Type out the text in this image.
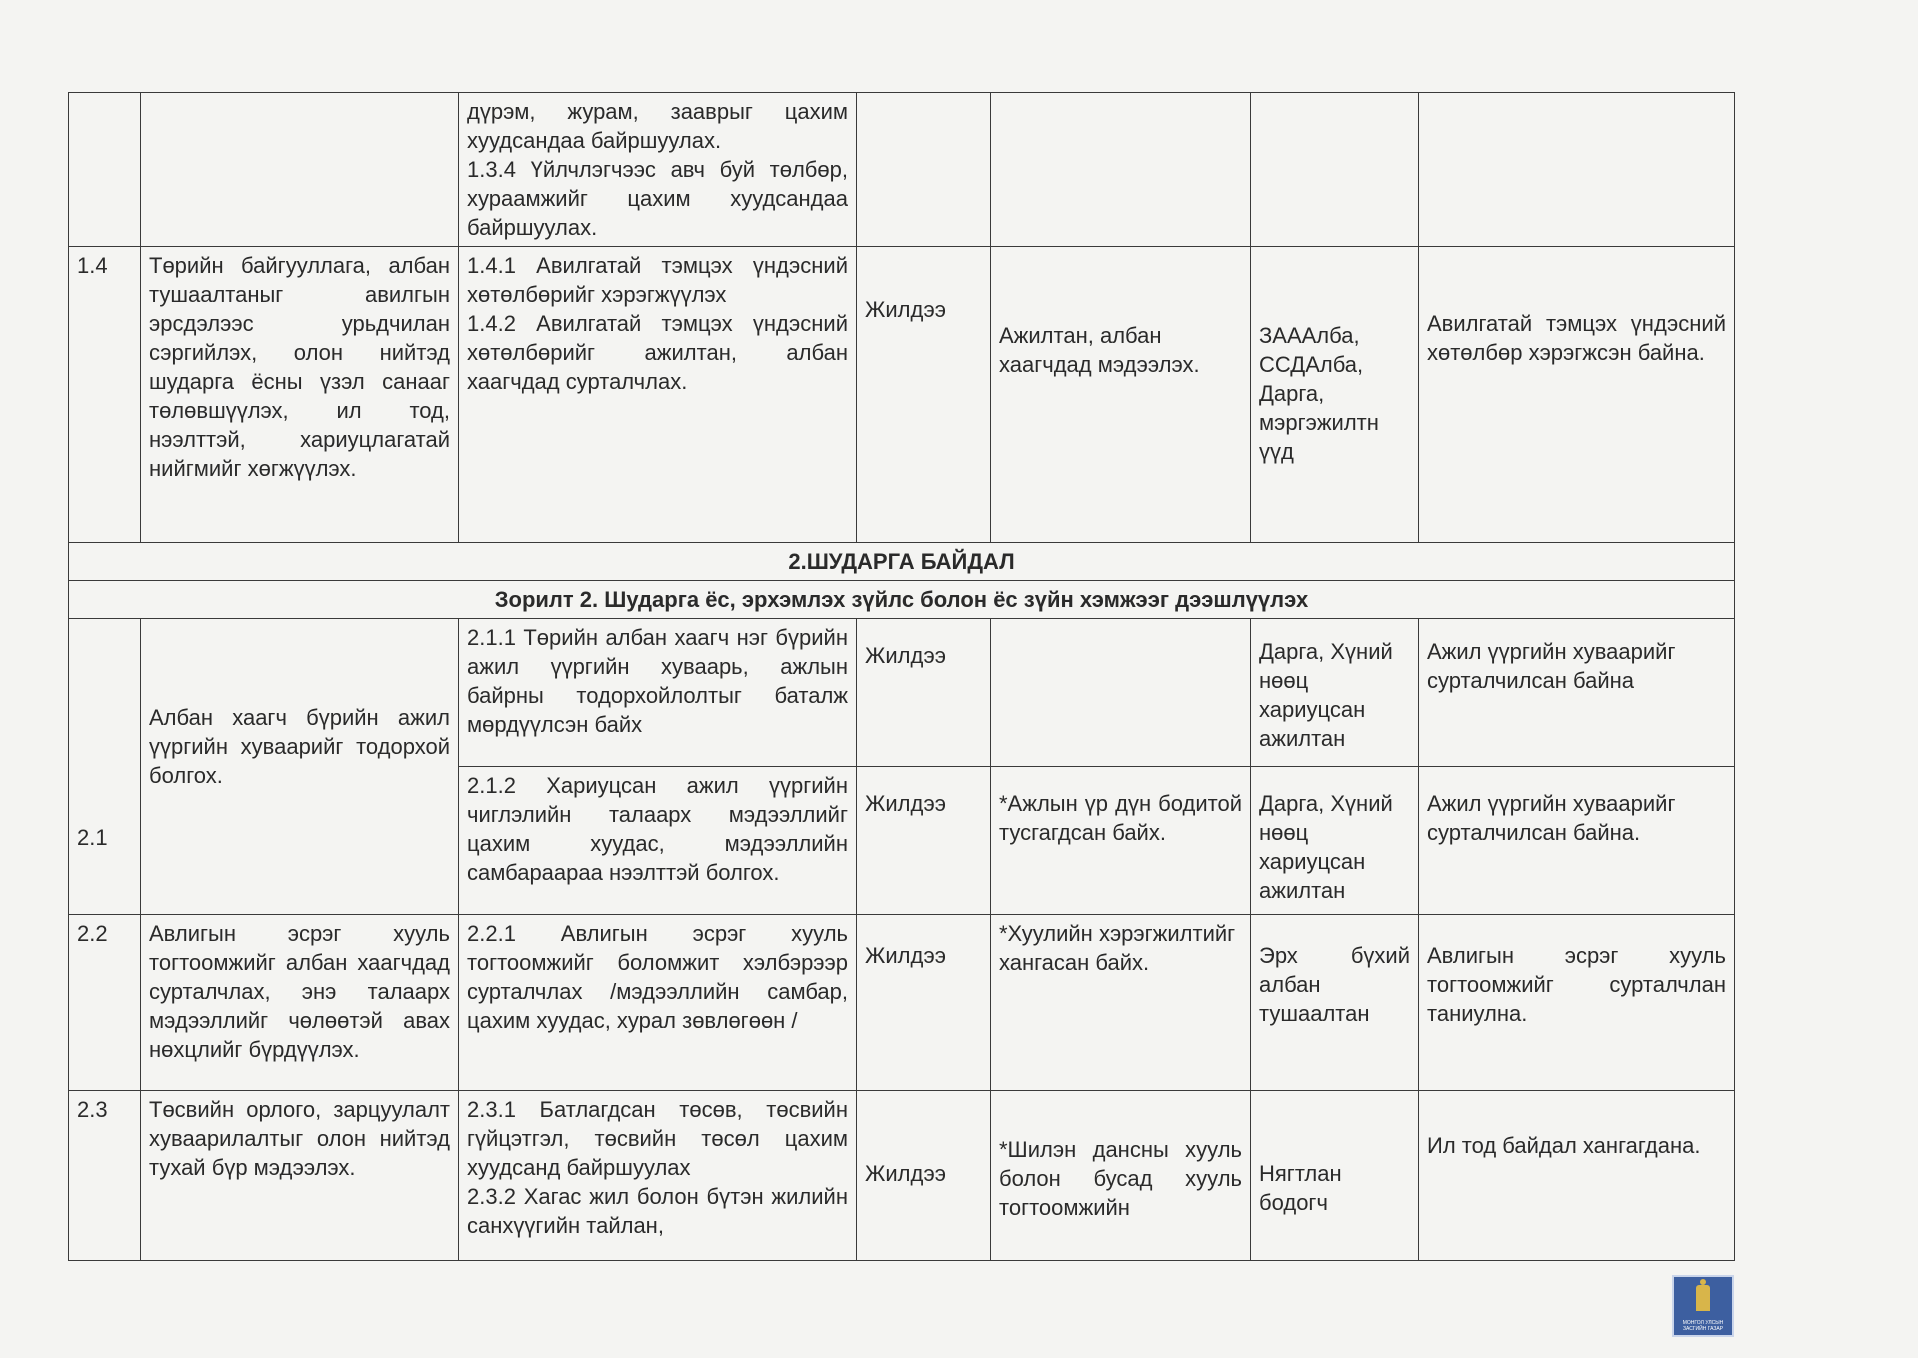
		дүрэм, журам, зааврыг цахим хуудсандаа байршуулах.
1.3.4 Үйлчлэгчээс авч буй төлбөр, хураамжийг цахим хуудсандаа байршуулах.				
1.4	Төрийн байгууллага, албан тушаалтаныг авилгын эрсдэлээс урьдчилан сэргийлэх, олон нийтэд шударга ёсны үзэл санааг төлөвшүүлэх, ил тод, нээлттэй, хариуцлагатай нийгмийг хөгжүүлэх.	1.4.1 Авилгатай тэмцэх үндэсний хөтөлбөрийг хэрэгжүүлэх
1.4.2 Авилгатай тэмцэх үндэсний хөтөлбөрийг ажилтан, албан хаагчдад сурталчлах.	Жилдээ	Ажилтан, албан хаагчдад мэдээлэх.	ЗАААлба, ССДАлба, Дарга, мэргэжилтн үүд	Авилгатай тэмцэх үндэсний хөтөлбөр хэрэгжсэн байна.

2.ШУДАРГА БАЙДАЛ						
Зорилт 2. Шударга ёс, эрхэмлэх зүйлс болон ёс зүйн хэмжээг дээшлүүлэх						

2.1	Албан хаагч бүрийн ажил үүргийн хуваарийг тодорхой болгох.	2.1.1 Төрийн албан хаагч нэг бүрийн ажил үүргийн хуваарь, ажлын байрны тодорхойлолтыг баталж мөрдүүлсэн байх	Жилдээ		Дарга, Хүний нөөц хариуцсан ажилтан	Ажил үүргийн хуваарийг сурталчилсан байна

		2.1.2 Хариуцсан ажил үүргийн чиглэлийн талаарх мэдээллийг цахим хуудас, мэдээллийн самбараараа нээлттэй болгох.	Жилдээ	*Ажлын үр дүн бодитой тусгагдсан байх.	Дарга, Хүний нөөц хариуцсан ажилтан	Ажил үүргийн хуваарийг сурталчилсан байна.

2.2	Авлигын эсрэг хууль тогтоомжийг албан хаагчдад сурталчлах, энэ талаарх мэдээллийг чөлөөтэй авах нөхцлийг бүрдүүлэх.	2.2.1 Авлигын эсрэг хууль тогтоомжийг боломжит хэлбэрээр сурталчлах /мэдээллийн самбар, цахим хуудас, хурал зөвлөгөөн /	Жилдээ	*Хуулийн хэрэгжилтийг хангасан байх.	Эрх бүхий албан тушаалтан	Авлигын эсрэг хууль тогтоомжийг сурталчлан таниулна.

2.3	Төсвийн орлого, зарцуулалт хуваарилалтыг олон нийтэд тухай бүр мэдээлэх.	2.3.1 Батлагдсан төсөв, төсвийн гүйцэтгэл, төсвийн төсөл цахим хуудсанд байршуулах
2.3.2 Хагас жил болон бүтэн жилийн санхүүгийн тайлан,	Жилдээ	*Шилэн дансны хууль болон бусад хууль тогтоомжийн	Нягтлан бодогч	Ил тод байдал хангагдана.
МОНГОЛ УЛСЫН ЗАСГИЙН ГАЗАР
